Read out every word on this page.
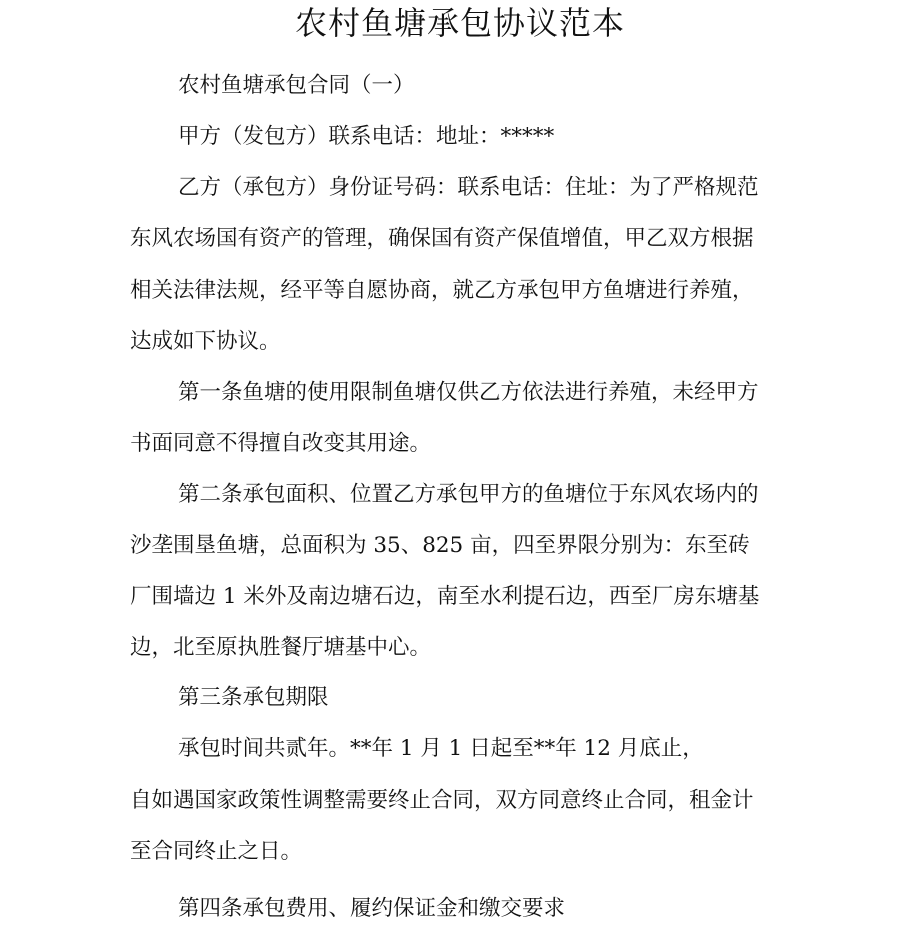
农村鱼塘承包协议范本

农村鱼塘承包合同（一）

甲方（发包方）联系电话：地址：*****

乙方（承包方）身份证号码：联系电话：住址：为了严格规范

东风农场国有资产的管理，确保国有资产保值增值，甲乙双方根据

相关法律法规，经平等自愿协商，就乙方承包甲方鱼塘进行养殖，

达成如下协议。

第一条鱼塘的使用限制鱼塘仅供乙方依法进行养殖，未经甲方

书面同意不得擅自改变其用途。

第二条承包面积、位置乙方承包甲方的鱼塘位于东风农场内的

沙垄围垦鱼塘，总面积为 35、825 亩，四至界限分别为：东至砖

厂围墙边 1 米外及南边塘石边，南至水利提石边，西至厂房东塘基

边，北至原执胜餐厅塘基中心。

第三条承包期限

承包时间共贰年。**年 1 月 1 日起至**年 12 月底止，

自如遇国家政策性调整需要终止合同，双方同意终止合同，租金计

至合同终止之日。

第四条承包费用、履约保证金和缴交要求
